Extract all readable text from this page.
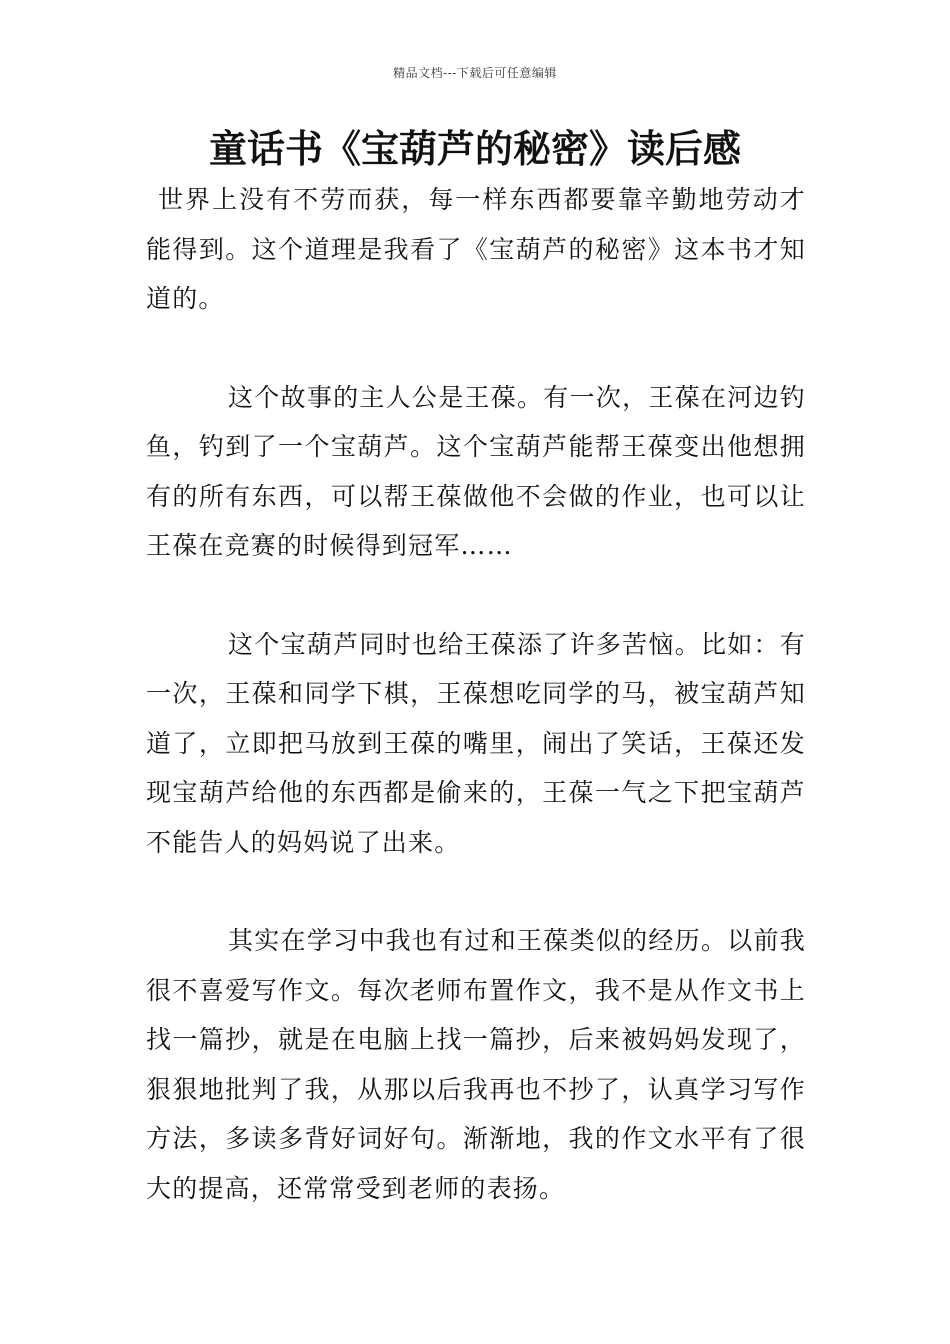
精品文档---下载后可任意编辑
童话书《宝葫芦的秘密》读后感

世界上没有不劳而获，每一样东西都要靠辛勤地劳动才能得到。这个道理是我看了《宝葫芦的秘密》这本书才知道的。

这个故事的主人公是王葆。有一次，王葆在河边钓鱼，钓到了一个宝葫芦。这个宝葫芦能帮王葆变出他想拥有的所有东西，可以帮王葆做他不会做的作业，也可以让王葆在竞赛的时候得到冠军……

这个宝葫芦同时也给王葆添了许多苦恼。比如：有一次，王葆和同学下棋，王葆想吃同学的马，被宝葫芦知道了，立即把马放到王葆的嘴里，闹出了笑话，王葆还发现宝葫芦给他的东西都是偷来的，王葆一气之下把宝葫芦不能告人的妈妈说了出来。

其实在学习中我也有过和王葆类似的经历。以前我很不喜爱写作文。每次老师布置作文，我不是从作文书上找一篇抄，就是在电脑上找一篇抄，后来被妈妈发现了，狠狠地批判了我，从那以后我再也不抄了，认真学习写作方法，多读多背好词好句。渐渐地，我的作文水平有了很大的提高，还常常受到老师的表扬。
